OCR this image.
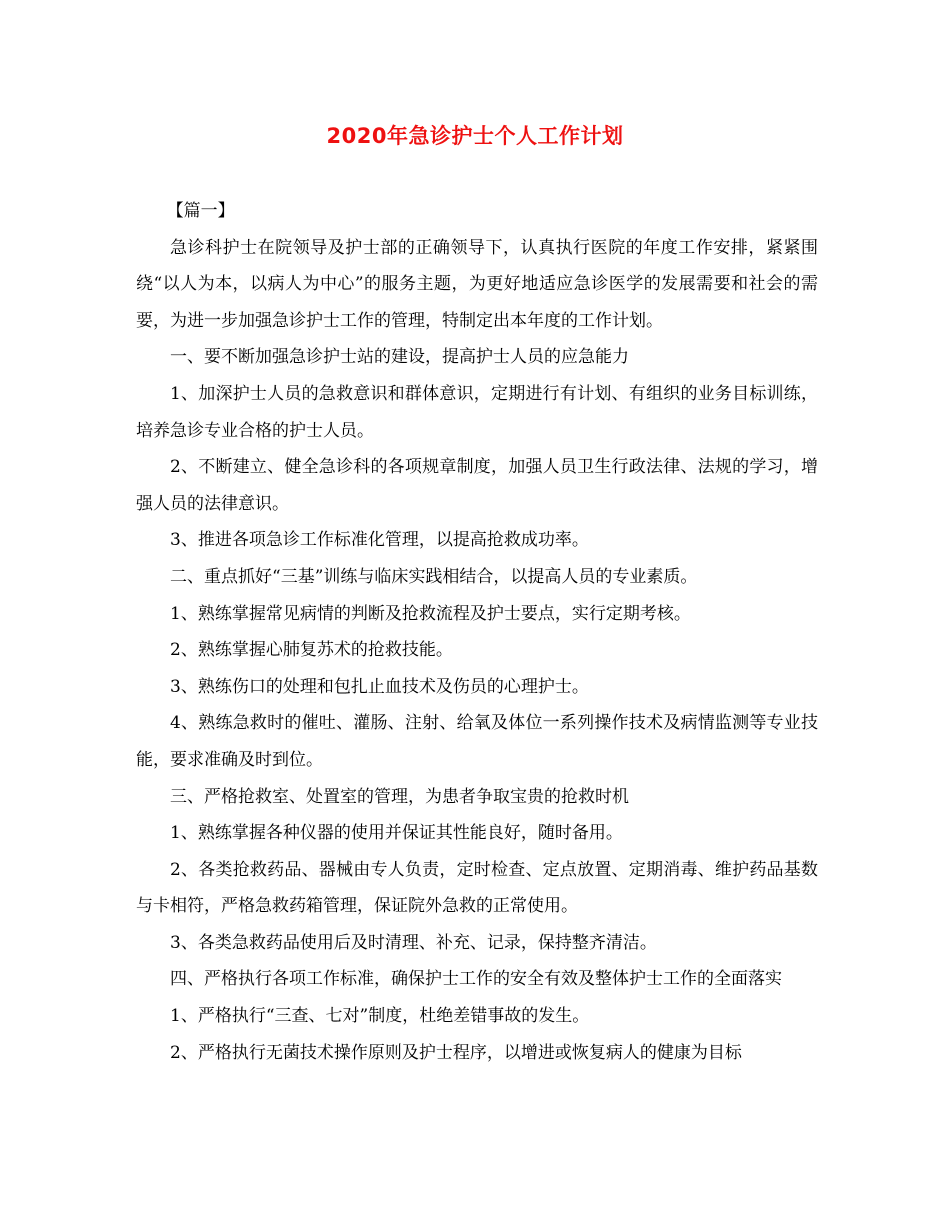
2020年急诊护士个人工作计划

【篇一】

急诊科护士在院领导及护士部的正确领导下，认真执行医院的年度工作安排，紧紧围绕“以人为本，以病人为中心”的服务主题，为更好地适应急诊医学的发展需要和社会的需要，为进一步加强急诊护士工作的管理，特制定出本年度的工作计划。

一、要不断加强急诊护士站的建设，提高护士人员的应急能力

1、加深护士人员的急救意识和群体意识，定期进行有计划、有组织的业务目标训练，培养急诊专业合格的护士人员。

2、不断建立、健全急诊科的各项规章制度，加强人员卫生行政法律、法规的学习，增强人员的法律意识。

3、推进各项急诊工作标准化管理，以提高抢救成功率。

二、重点抓好“三基”训练与临床实践相结合，以提高人员的专业素质。

1、熟练掌握常见病情的判断及抢救流程及护士要点，实行定期考核。

2、熟练掌握心肺复苏术的抢救技能。

3、熟练伤口的处理和包扎止血技术及伤员的心理护士。

4、熟练急救时的催吐、灌肠、注射、给氧及体位一系列操作技术及病情监测等专业技能，要求准确及时到位。

三、严格抢救室、处置室的管理，为患者争取宝贵的抢救时机

1、熟练掌握各种仪器的使用并保证其性能良好，随时备用。

2、各类抢救药品、器械由专人负责，定时检查、定点放置、定期消毒、维护药品基数与卡相符，严格急救药箱管理，保证院外急救的正常使用。

3、各类急救药品使用后及时清理、补充、记录，保持整齐清洁。

四、严格执行各项工作标准，确保护士工作的安全有效及整体护士工作的全面落实

1、严格执行“三查、七对”制度，杜绝差错事故的发生。

2、严格执行无菌技术操作原则及护士程序，以增进或恢复病人的健康为目标
